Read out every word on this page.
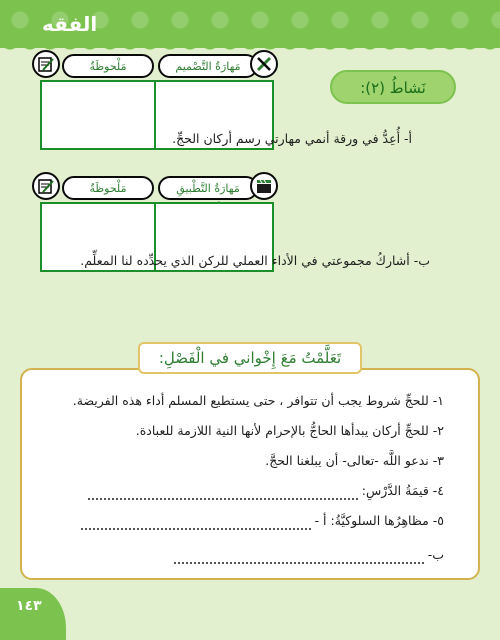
الفقه
مَلْحوظَةٌ	مَهارَةُ التَّصْميم
نَشاطُ (٢):
أ- أُعِدُّ في ورقة أنمي مهارتي رسم أركان الحجِّ.
مَلْحوظَةٌ	مَهارَةُ التَّطْبيقِ
ب- أشاركُ مجموعتي في الأداء العملي للركن الذي يحدِّده لنا المعلِّم.
١- للحجِّ شروط يجب أن تتوافر ، حتى يستطيع المسلم أداء هذه الفريضة.
٢- للحجِّ أركان يبدأها الحاجُّ بالإحرام لأنها النية اللازمة للعبادة.
٣- ندعو اللَّه -تعالى- أن يبلغنا الحجَّ.
٤- قيمَةُ الدَّرْسِ:
٥- مظاهِرُها السلوكيَّةُ: أ -
ب-
تَعَلَّمْتُ مَعَ إِخْواني في الْفَصْلِ:
١٤٣
